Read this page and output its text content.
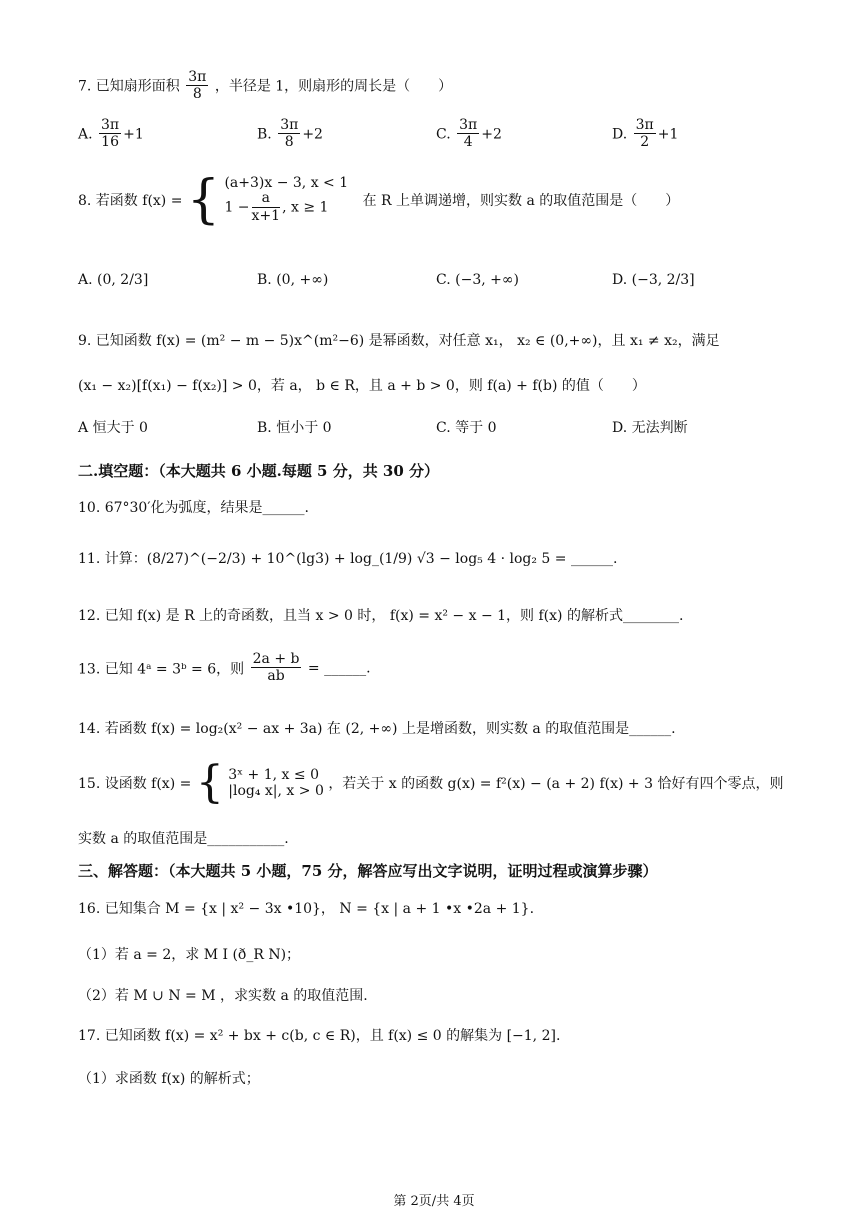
7. 已知扇形面积 $\frac{3\pi}{8}$ ，半径是 1，则扇形的周长是（　　）
A. $\frac{3\pi}{16} +1$	B. $\frac{3\pi}{8} +2$	C. $\frac{3\pi}{4} +2$	D. $\frac{3\pi}{2} +1$
8. 若函数 f(x) = { (a+3)x − 3, x < 1
$1 - \frac{a}{x+1}$ , x ≥ 1	在 R 上单调递增，则实数 a 的取值范围是（　　）
A. (0, 2/3]	B. (0, +∞)	C. (−3, +∞)	D. (−3, 2/3]
9. 已知函数 f(x) = (m² − m − 5)x^(m²−6) 是幂函数，对任意 x₁， x₂ ∈ (0,+∞)，且 x₁ ≠ x₂，满足
(x₁ − x₂)[f(x₁) − f(x₂)] > 0，若 a， b ∈ R，且 a + b > 0，则 f(a) + f(b) 的值（　　）
A 恒大于 0	B. 恒小于 0	C. 等于 0	D. 无法判断
二.填空题：（本大题共 6 小题.每题 5 分，共 30 分）
10. 67°30′化为弧度，结果是______.
11. 计算：(8/27)^(−2/3) + 10^(lg3) + log_(1/9) √3 − log₅ 4 · log₂ 5 = ______.
12. 已知 f(x) 是 R 上的奇函数，且当 x > 0 时， f(x) = x² − x − 1，则 f(x) 的解析式________.
13. 已知 4ᵃ = 3ᵇ = 6，则 $\frac{2a + b}{ab}$ = ______.
14. 若函数 f(x) = log₂(x² − ax + 3a) 在 (2, +∞) 上是增函数，则实数 a 的取值范围是______.
15. 设函数 f(x) = { 3ˣ + 1, x ≤ 0
|log₄ x|, x > 0 ，若关于 x 的函数 g(x) = f²(x) − (a + 2) f(x) + 3 恰好有四个零点，则
实数 a 的取值范围是___________.
三、解答题：（本大题共 5 小题，75 分，解答应写出文字说明，证明过程或演算步骤）
16. 已知集合 M = {x | x² − 3x •10}， N = {x | a + 1 •x •2a + 1}.
（1）若 a = 2，求 M Ⅰ (ð_R N)；
（2）若 M ∪ N = M ，求实数 a 的取值范围.
17. 已知函数 f(x) = x² + bx + c(b, c ∈ R)，且 f(x) ≤ 0 的解集为 [−1, 2].
（1）求函数 f(x) 的解析式；
第 2页/共 4页
